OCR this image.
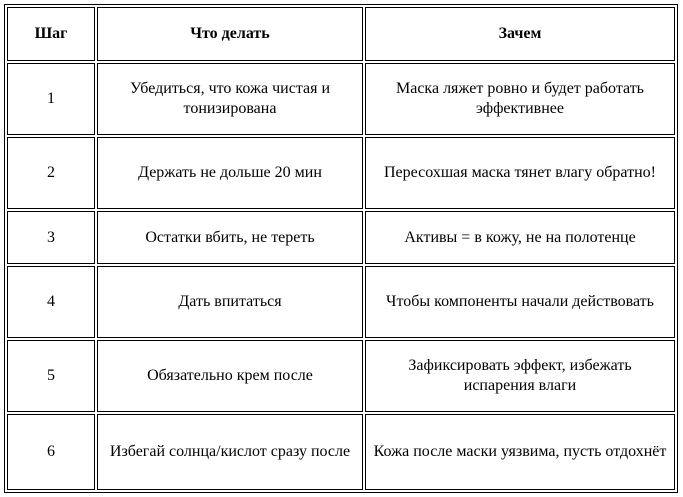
Шаг	Что делать	Зачем
1	Убедиться, что кожа чистая и тонизирована	Маска ляжет ровно и будет работать эффективнее
2	Держать не дольше 20 мин	Пересохшая маска тянет влагу обратно!
3	Остатки вбить, не тереть	Активы = в кожу, не на полотенце
4	Дать впитаться	Чтобы компоненты начали действовать
5	Обязательно крем после	Зафиксировать эффект, избежать испарения влаги
6	Избегай солнца/кислот сразу после	Кожа после маски уязвима, пусть отдохнёт
